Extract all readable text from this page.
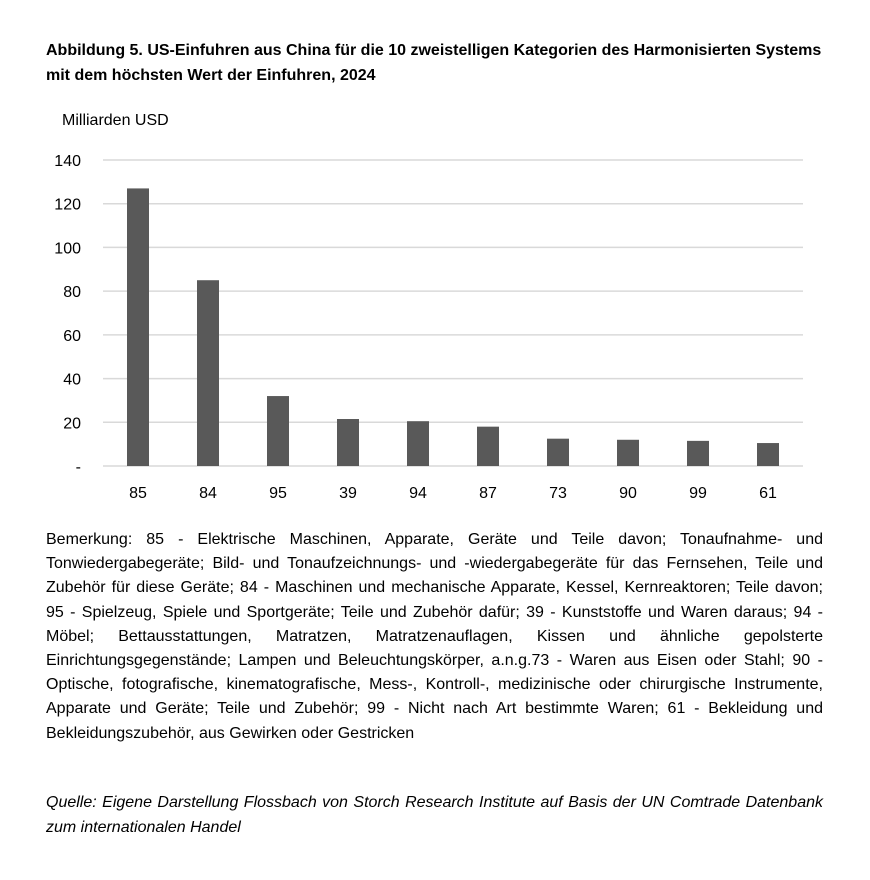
Abbildung 5. US-Einfuhren aus China für die 10 zweistelligen Kategorien des Harmonisierten Systems mit dem höchsten Wert der Einfuhren, 2024

Milliarden USD
-
20
40
60
80
100
120
140
85	84	95	39	94	87	73	90	99	61

Bemerkung: 85 - Elektrische Maschinen, Apparate, Geräte und Teile davon; Tonaufnahme- und Tonwiedergabegeräte; Bild- und Tonaufzeichnungs- und -wiedergabegeräte für das Fernsehen, Teile und Zubehör für diese Geräte; 84 - Maschinen und mechanische Apparate, Kessel, Kernreaktoren; Teile davon; 95 - Spielzeug, Spiele und Sportgeräte; Teile und Zubehör dafür; 39 - Kunststoffe und Waren daraus; 94 - Möbel; Bettausstattungen, Matratzen, Matratzenauflagen, Kissen und ähnliche gepolsterte Einrichtungsgegenstände; Lampen und Beleuchtungskörper, a.n.g.73 - Waren aus Eisen oder Stahl; 90 - Optische, fotografische, kinematografische, Mess-, Kontroll-, medizinische oder chirurgische Instrumente, Apparate und Geräte; Teile und Zubehör; 99 - Nicht nach Art bestimmte Waren; 61 - Bekleidung und Bekleidungszubehör, aus Gewirken oder Gestricken

Quelle: Eigene Darstellung Flossbach von Storch Research Institute auf Basis der UN Comtrade Datenbank zum internationalen Handel
